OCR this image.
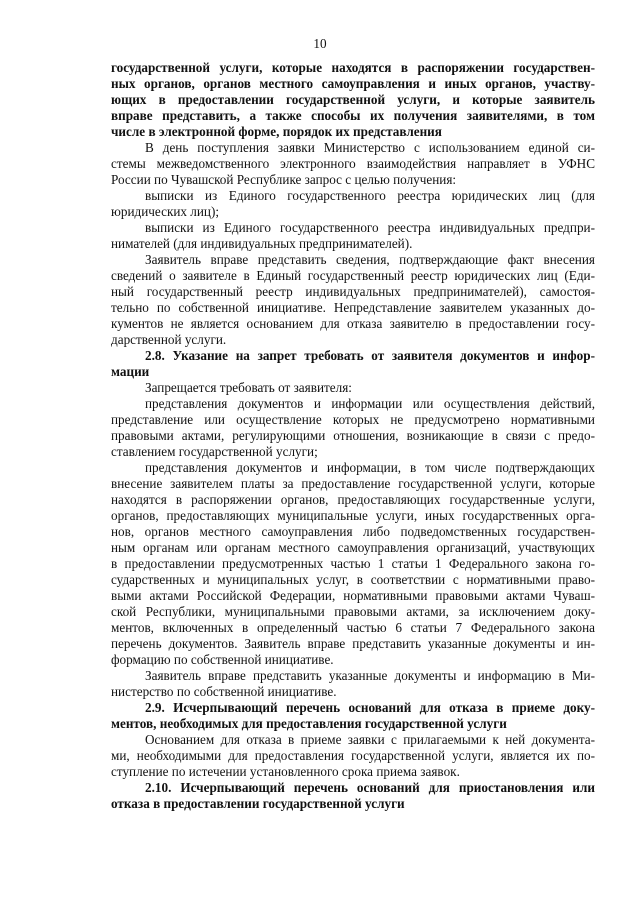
10
государственной услуги, которые находятся в распоряжении государствен-
ных органов, органов местного самоуправления и иных органов, участву-
ющих в предоставлении государственной услуги, и которые заявитель
вправе представить, а также способы их получения заявителями, в том
числе в электронной форме, порядок их представления
В день поступления заявки Министерство с использованием единой си-
стемы межведомственного электронного взаимодействия направляет в УФНС
России по Чувашской Республике запрос с целью получения:
выписки из Единого государственного реестра юридических лиц (для
юридических лиц);
выписки из Единого государственного реестра индивидуальных предпри-
нимателей (для индивидуальных предпринимателей).
Заявитель вправе представить сведения, подтверждающие факт внесения
сведений о заявителе в Единый государственный реестр юридических лиц (Еди-
ный государственный реестр индивидуальных предпринимателей), самостоя-
тельно по собственной инициативе. Непредставление заявителем указанных до-
кументов не является основанием для отказа заявителю в предоставлении госу-
дарственной услуги.
2.8. Указание на запрет требовать от заявителя документов и инфор-
мации
Запрещается требовать от заявителя:
представления документов и информации или осуществления действий,
представление или осуществление которых не предусмотрено нормативными
правовыми актами, регулирующими отношения, возникающие в связи с предо-
ставлением государственной услуги;
представления документов и информации, в том числе подтверждающих
внесение заявителем платы за предоставление государственной услуги, которые
находятся в распоряжении органов, предоставляющих государственные услуги,
органов, предоставляющих муниципальные услуги, иных государственных орга-
нов, органов местного самоуправления либо подведомственных государствен-
ным органам или органам местного самоуправления организаций, участвующих
в предоставлении предусмотренных частью 1 статьи 1 Федерального закона го-
сударственных и муниципальных услуг, в соответствии с нормативными право-
выми актами Российской Федерации, нормативными правовыми актами Чуваш-
ской Республики, муниципальными правовыми актами, за исключением доку-
ментов, включенных в определенный частью 6 статьи 7 Федерального закона
перечень документов. Заявитель вправе представить указанные документы и ин-
формацию по собственной инициативе.
Заявитель вправе представить указанные документы и информацию в Ми-
нистерство по собственной инициативе.
2.9. Исчерпывающий перечень оснований для отказа в приеме доку-
ментов, необходимых для предоставления государственной услуги
Основанием для отказа в приеме заявки с прилагаемыми к ней документа-
ми, необходимыми для предоставления государственной услуги, является их по-
ступление по истечении установленного срока приема заявок.
2.10. Исчерпывающий перечень оснований для приостановления или
отказа в предоставлении государственной услуги
